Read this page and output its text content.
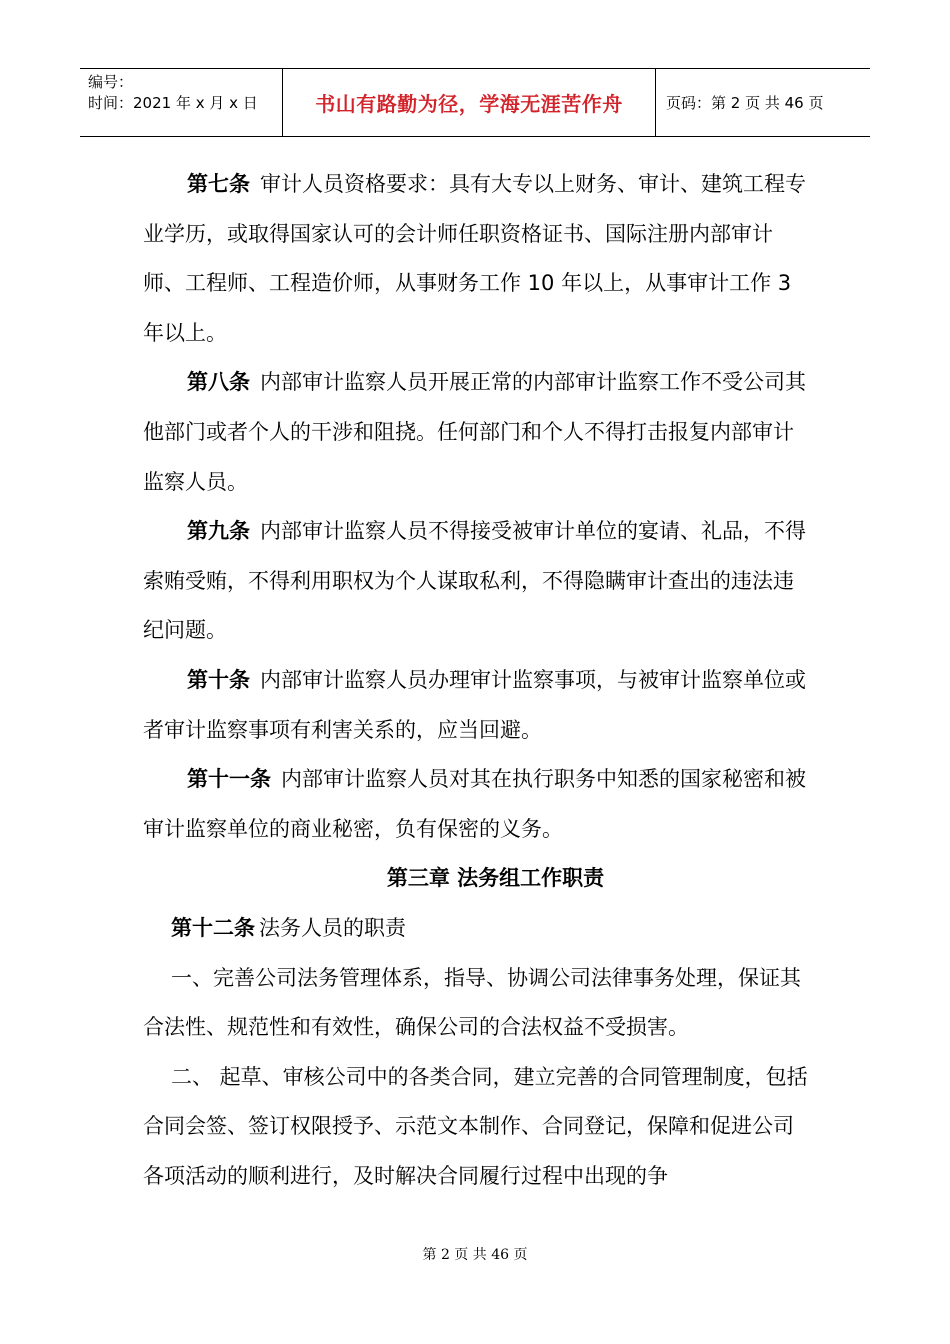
编号：
时间：2021 年 x 月 x 日	书山有路勤为径，学海无涯苦作舟	页码：第 2 页 共 46 页

第七条 审计人员资格要求：具有大专以上财务、审计、建筑工程专业学历，或取得国家认可的会计师任职资格证书、国际注册内部审计师、工程师、工程造价师，从事财务工作 10 年以上，从事审计工作 3 年以上。

第八条 内部审计监察人员开展正常的内部审计监察工作不受公司其他部门或者个人的干涉和阻挠。任何部门和个人不得打击报复内部审计监察人员。

第九条 内部审计监察人员不得接受被审计单位的宴请、礼品，不得索贿受贿，不得利用职权为个人谋取私利，不得隐瞒审计查出的违法违纪问题。

第十条 内部审计监察人员办理审计监察事项，与被审计监察单位或者审计监察事项有利害关系的，应当回避。

第十一条 内部审计监察人员对其在执行职务中知悉的国家秘密和被审计监察单位的商业秘密，负有保密的义务。

第三章 法务组工作职责

第十二条 法务人员的职责

一、完善公司法务管理体系，指导、协调公司法律事务处理，保证其合法性、规范性和有效性，确保公司的合法权益不受损害。

二、 起草、审核公司中的各类合同，建立完善的合同管理制度，包括合同会签、签订权限授予、示范文本制作、合同登记，保障和促进公司各项活动的顺利进行，及时解决合同履行过程中出现的争

第 2 页 共 46 页
